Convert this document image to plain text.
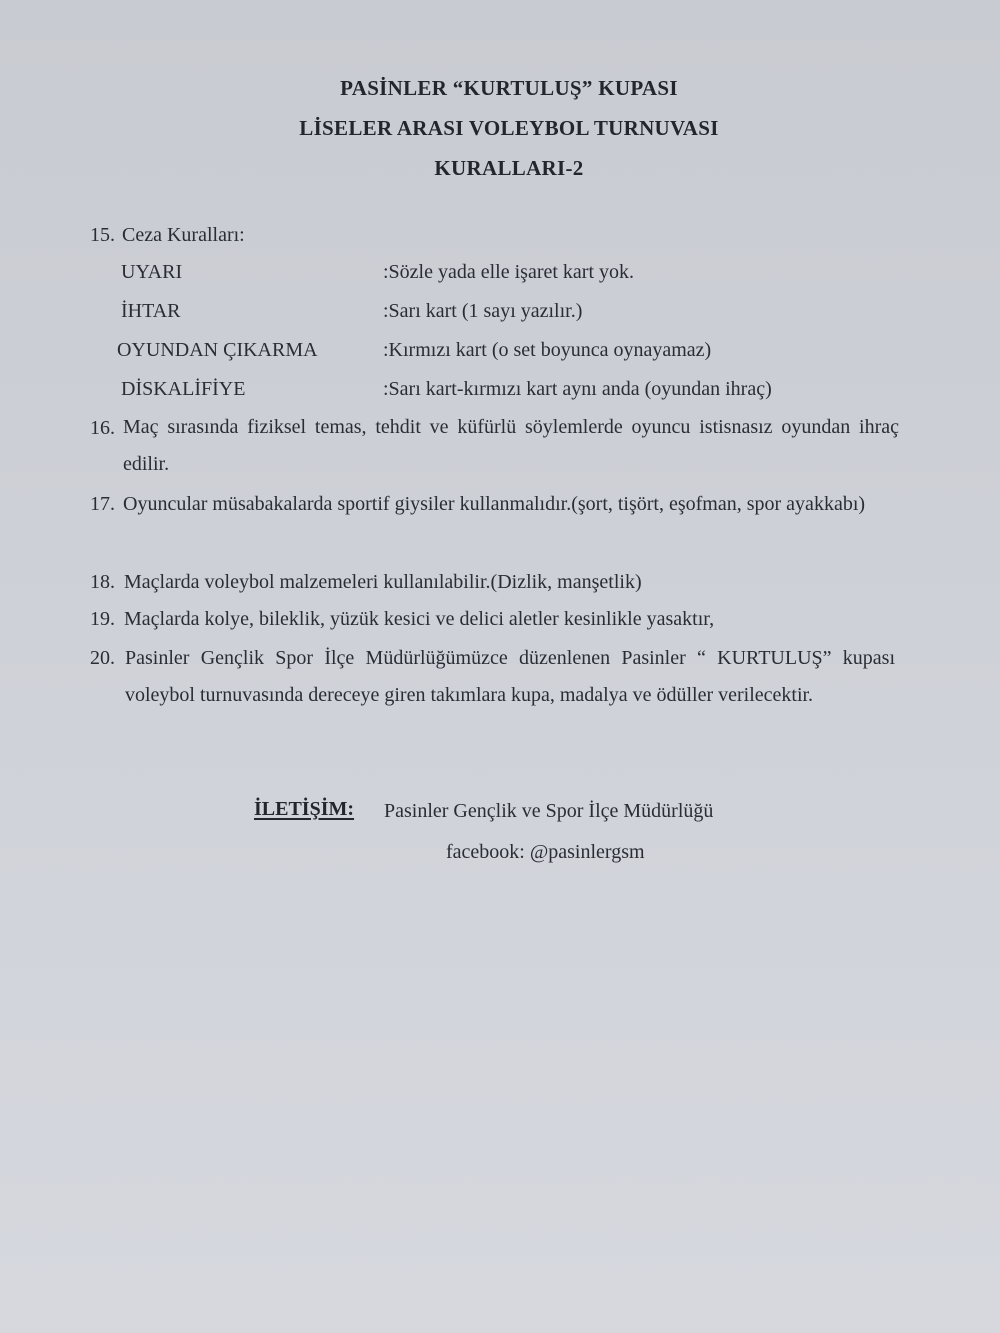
PASİNLER “KURTULUŞ” KUPASI
LİSELER ARASI VOLEYBOL TURNUVASI
KURALLARI-2
15. Ceza Kuralları:
UYARI	:Sözle yada elle işaret kart yok.
İHTAR	:Sarı kart (1 sayı yazılır.)
OYUNDAN ÇIKARMA	:Kırmızı kart (o set boyunca oynayamaz)
DİSKALİFİYE	:Sarı kart-kırmızı kart aynı anda (oyundan ihraç)
16. Maç sırasında fiziksel temas, tehdit ve küfürlü söylemlerde oyuncu istisnasız oyundan ihraç edilir.
17. Oyuncular müsabakalarda sportif giysiler kullanmalıdır.(şort, tişört, eşofman, spor ayakkabı)
18. Maçlarda voleybol malzemeleri kullanılabilir.(Dizlik, manşetlik)
19. Maçlarda kolye, bileklik, yüzük kesici ve delici aletler kesinlikle yasaktır,
20. Pasinler Gençlik Spor İlçe Müdürlüğümüzce düzenlenen Pasinler “ KURTULUŞ” kupası voleybol turnuvasında dereceye giren takımlara kupa, madalya ve ödüller verilecektir.
İLETİŞİM: Pasinler Gençlik ve Spor İlçe Müdürlüğü
facebook: @pasinlergsm
